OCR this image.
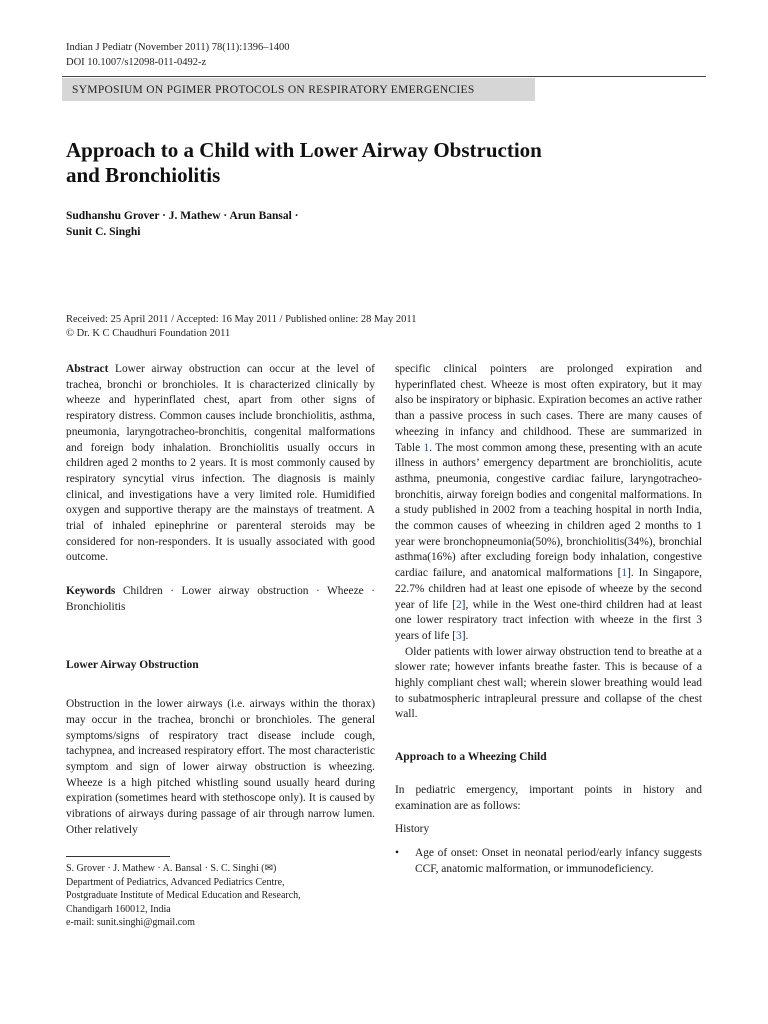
Indian J Pediatr (November 2011) 78(11):1396–1400
DOI 10.1007/s12098-011-0492-z
SYMPOSIUM ON PGIMER PROTOCOLS ON RESPIRATORY EMERGENCIES
Approach to a Child with Lower Airway Obstruction
and Bronchiolitis
Sudhanshu Grover · J. Mathew · Arun Bansal ·
Sunit C. Singhi
Received: 25 April 2011 / Accepted: 16 May 2011 / Published online: 28 May 2011
© Dr. K C Chaudhuri Foundation 2011

Abstract Lower airway obstruction can occur at the level of trachea, bronchi or bronchioles. It is characterized clinically by wheeze and hyperinflated chest, apart from other signs of respiratory distress. Common causes include bronchiolitis, asthma, pneumonia, laryngotracheo-bronchitis, congenital malformations and foreign body inhalation. Bronchiolitis usually occurs in children aged 2 months to 2 years. It is most commonly caused by respiratory syncytial virus infection. The diagnosis is mainly clinical, and investigations have a very limited role. Humidified oxygen and supportive therapy are the mainstays of treatment. A trial of inhaled epinephrine or parenteral steroids may be considered for non-responders. It is usually associated with good outcome.

Keywords Children · Lower airway obstruction · Wheeze · Bronchiolitis

Lower Airway Obstruction

Obstruction in the lower airways (i.e. airways within the thorax) may occur in the trachea, bronchi or bronchioles. The general symptoms/signs of respiratory tract disease include cough, tachypnea, and increased respiratory effort. The most characteristic symptom and sign of lower airway obstruction is wheezing. Wheeze is a high pitched whistling sound usually heard during expiration (sometimes heard with stethoscope only). It is caused by vibrations of airways during passage of air through narrow lumen. Other relatively

specific clinical pointers are prolonged expiration and hyperinflated chest. Wheeze is most often expiratory, but it may also be inspiratory or biphasic. Expiration becomes an active rather than a passive process in such cases. There are many causes of wheezing in infancy and childhood. These are summarized in Table 1. The most common among these, presenting with an acute illness in authors’ emergency department are bronchiolitis, acute asthma, pneumonia, congestive cardiac failure, laryngotracheo-bronchitis, airway foreign bodies and congenital malformations. In a study published in 2002 from a teaching hospital in north India, the common causes of wheezing in children aged 2 months to 1 year were bronchopneumonia(50%), bronchiolitis(34%), bronchial asthma(16%) after excluding foreign body inhalation, congestive cardiac failure, and anatomical malformations [1]. In Singapore, 22.7% children had at least one episode of wheeze by the second year of life [2], while in the West one-third children had at least one lower respiratory tract infection with wheeze in the first 3 years of life [3].

Older patients with lower airway obstruction tend to breathe at a slower rate; however infants breathe faster. This is because of a highly compliant chest wall; wherein slower breathing would lead to subatmospheric intrapleural pressure and collapse of the chest wall.

Approach to a Wheezing Child

In pediatric emergency, important points in history and examination are as follows:

History
•	Age of onset: Onset in neonatal period/early infancy suggests CCF, anatomic malformation, or immunodeficiency.
S. Grover · J. Mathew · A. Bansal · S. C. Singhi (✉)
Department of Pediatrics, Advanced Pediatrics Centre,
Postgraduate Institute of Medical Education and Research,
Chandigarh 160012, India
e-mail: sunit.singhi@gmail.com
